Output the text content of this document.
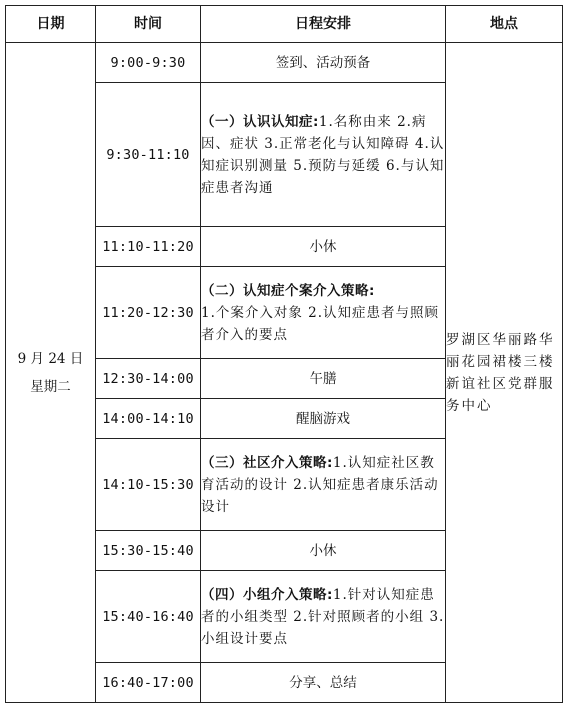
日期	时间	日程安排	地点

9 月 24 日
星期二	9:00-9:30	签到、活动预备	罗湖区华丽路华丽花园裙楼三楼新谊社区党群服务中心
	9:30-11:10	（一）认识认知症:1.名称由来 2.病因、症状 3.正常老化与认知障碍 4.认知症识别测量 5.预防与延缓 6.与认知症患者沟通	
	11:10-11:20	小休	
	11:20-12:30	（二）认知症个案介入策略:
1.个案介入对象 2.认知症患者与照顾者介入的要点	
	12:30-14:00	午膳	
	14:00-14:10	醒脑游戏	
	14:10-15:30	（三）社区介入策略:1.认知症社区教育活动的设计 2.认知症患者康乐活动设计	
	15:30-15:40	小休	
	15:40-16:40	（四）小组介入策略:1.针对认知症患者的小组类型 2.针对照顾者的小组 3.小组设计要点	
	16:40-17:00	分享、总结	
